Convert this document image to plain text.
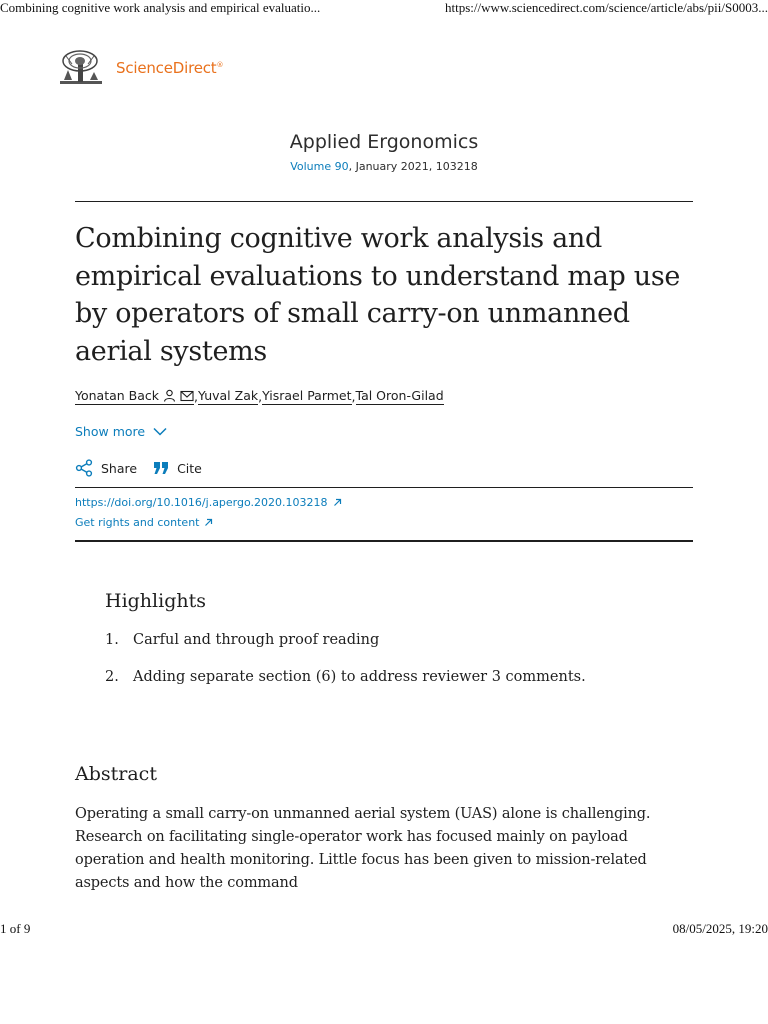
Combining cognitive work analysis and empirical evaluatio...	https://www.sciencedirect.com/science/article/abs/pii/S0003...
ScienceDirect®
Applied Ergonomics
Volume 90, January 2021, 103218
Combining cognitive work analysis and empirical evaluations to understand map use by operators of small carry-on unmanned aerial systems
Yonatan Back	, Yuval Zak , Yisrael Parmet , Tal Oron-Gilad
Show more
Share	Cite
https://doi.org/10.1016/j.apergo.2020.103218
Get rights and content
Highlights
1. Carful and through proof reading
2. Adding separate section (6) to address reviewer 3 comments.
Abstract
Operating a small carry-on unmanned aerial system (UAS) alone is challenging. Research on facilitating single-operator work has focused mainly on payload operation and health monitoring. Little focus has been given to mission-related aspects and how the command
1 of 9	08/05/2025, 19:20
